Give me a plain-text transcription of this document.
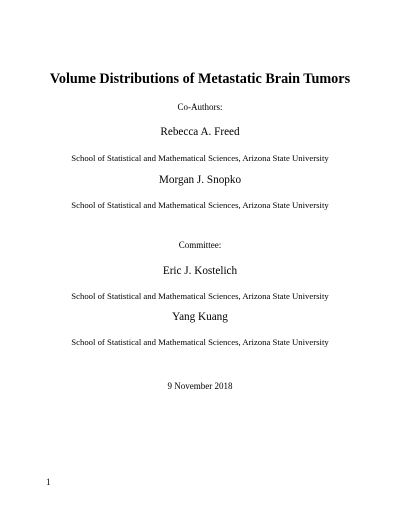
Volume Distributions of Metastatic Brain Tumors
Co-Authors:
Rebecca A. Freed
School of Statistical and Mathematical Sciences, Arizona State University
Morgan J. Snopko
School of Statistical and Mathematical Sciences, Arizona State University
Committee:
Eric J. Kostelich
School of Statistical and Mathematical Sciences, Arizona State University
Yang Kuang
School of Statistical and Mathematical Sciences, Arizona State University
9 November 2018
1
